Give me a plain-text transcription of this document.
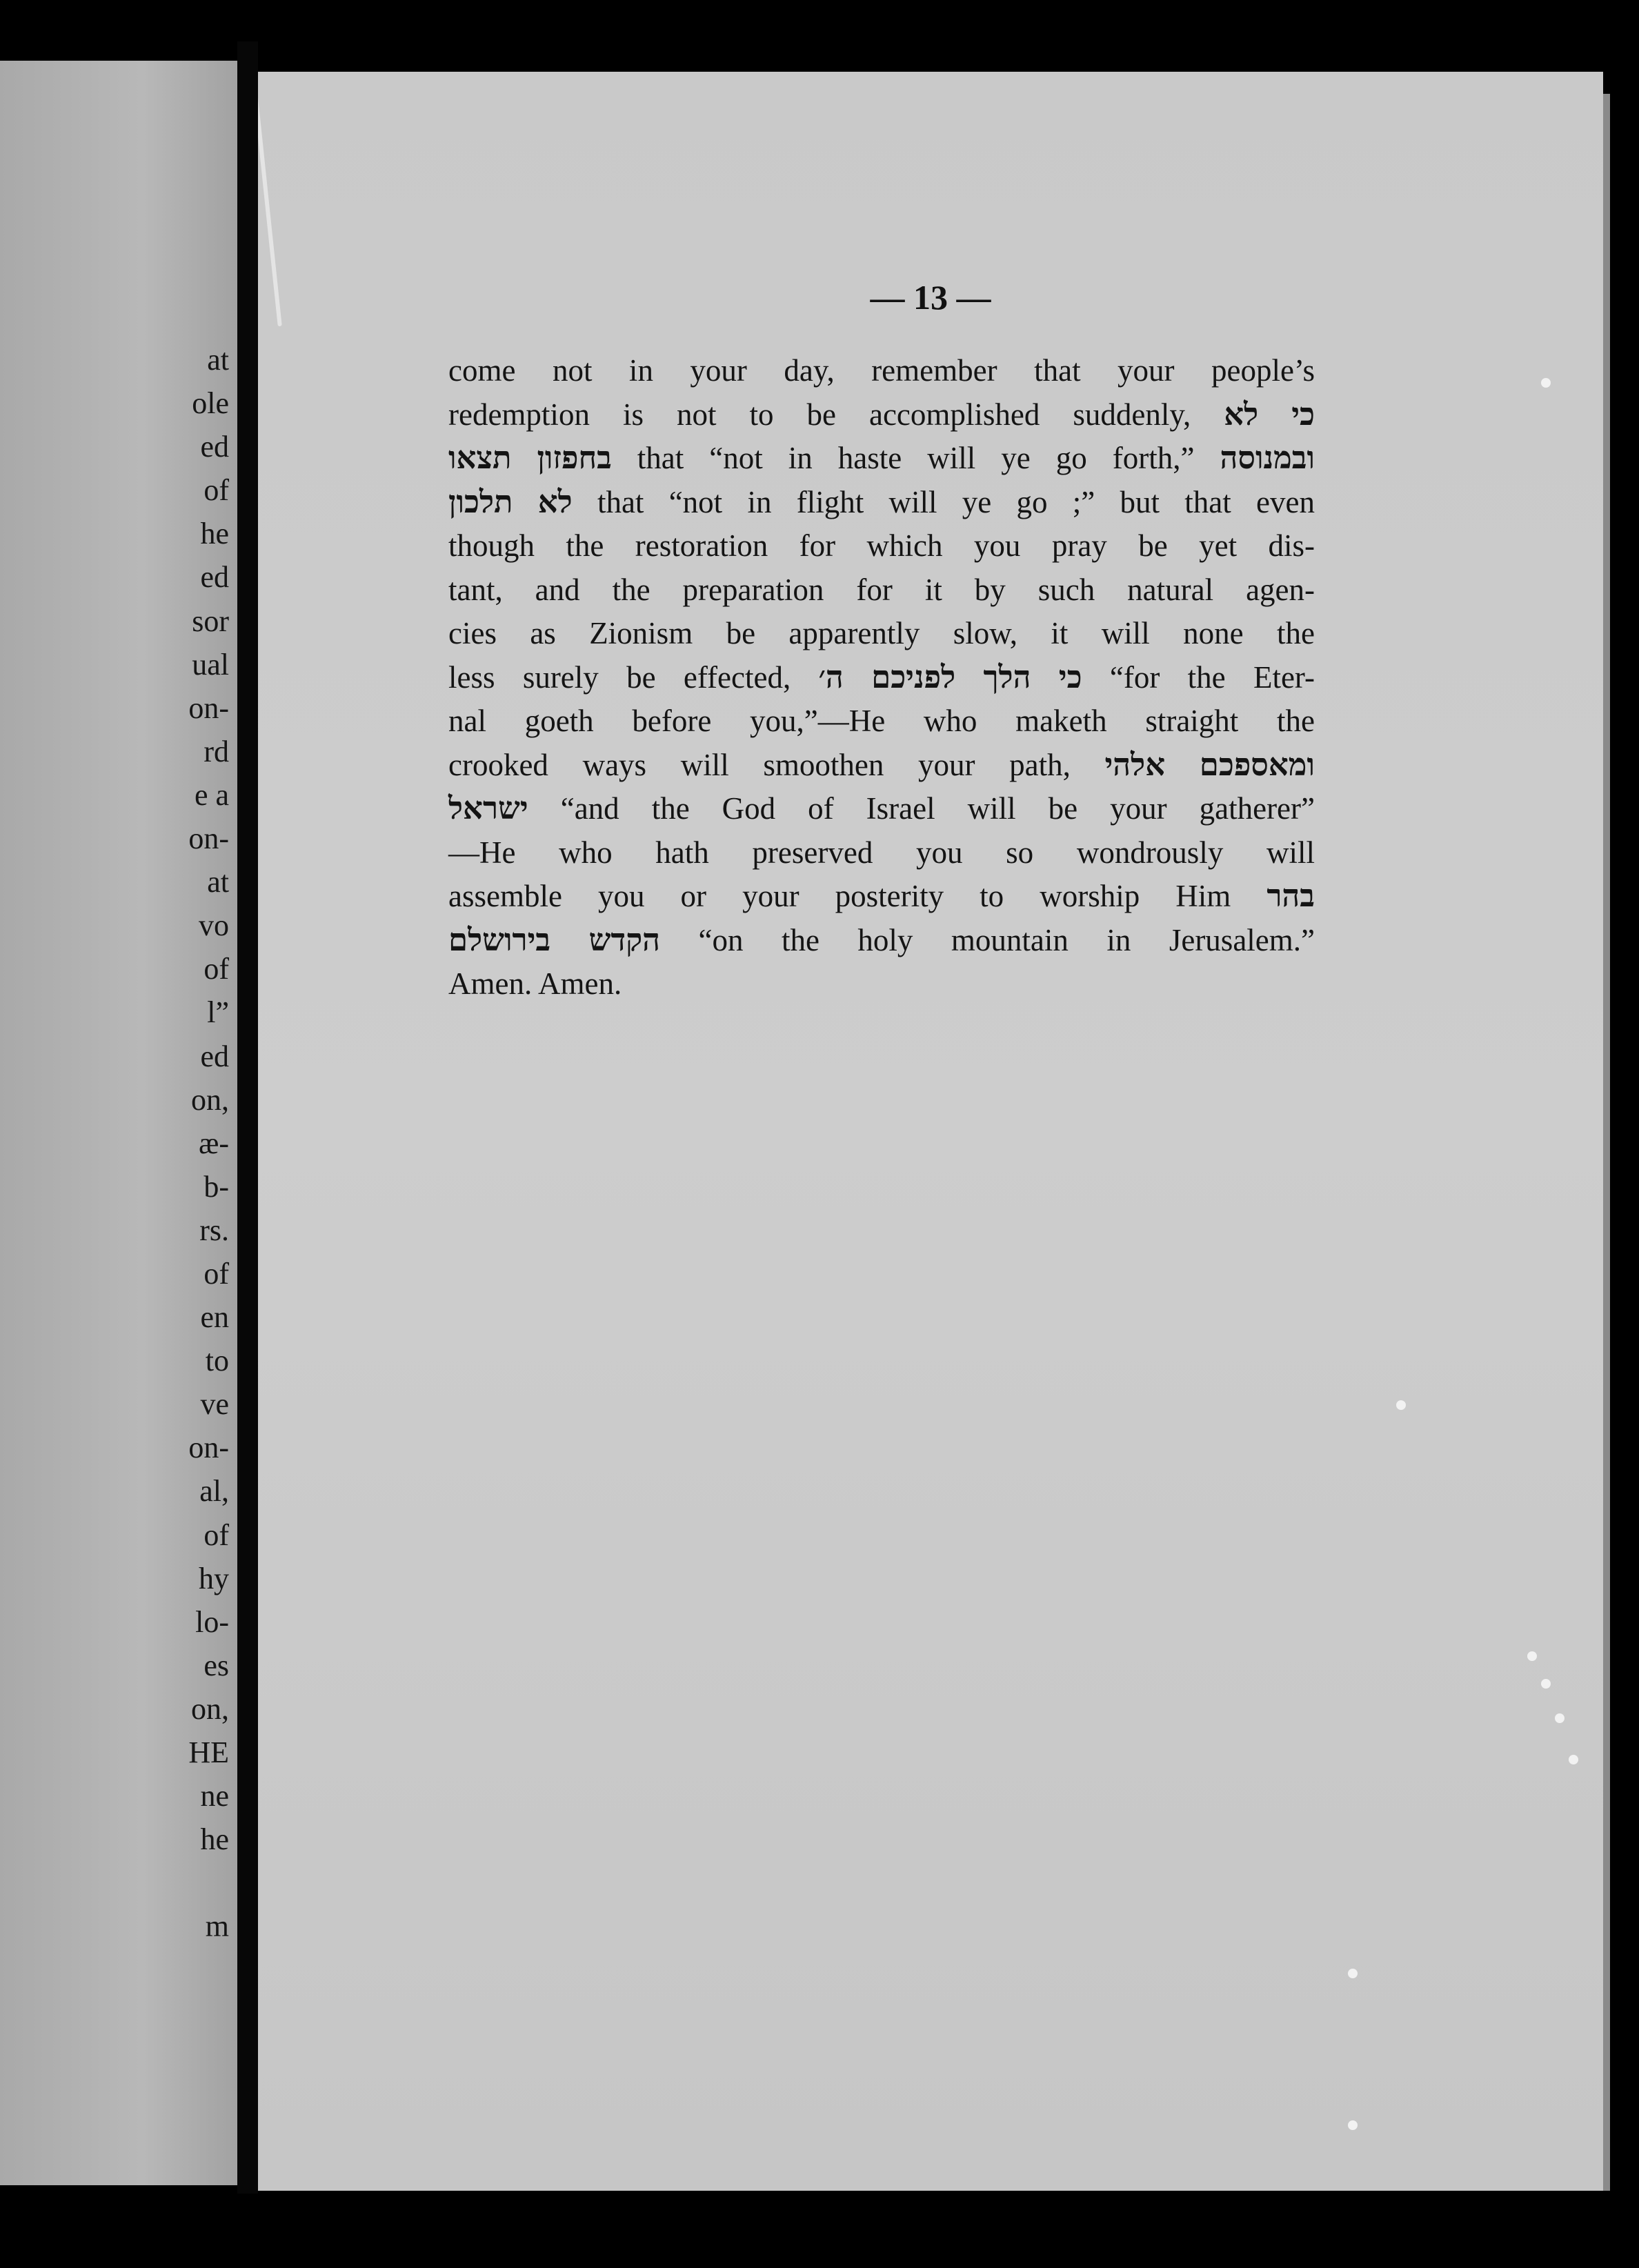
at
ole
ed
of
he
ed
sor
ual
on-
rd
e a
on-
at
vo
of
l”
ed
on,
æ-
b-
rs.
of
en
to
ve
on-
al,
of
hy
lo-
es
on,
HE
ne
he
m
— 13 —
come not in your day, remember that your people’s
redemption is not to be accomplished suddenly, כי לא
בחפזון תצאו that “not in haste will ye go forth,” ובמנוסה
לא תלכון that “not in flight will ye go ;” but that even
though the restoration for which you pray be yet dis-
tant, and the preparation for it by such natural agen-
cies as Zionism be apparently slow, it will none the
less surely be effected, כי הלך לפניכם ה׳ “for the Eter-
nal goeth before you,”—He who maketh straight the
crooked ways will smoothen your path, ומאספכם אלהי
ישראל “and the God of Israel will be your gatherer”
—He who hath preserved you so wondrously will
assemble you or your posterity to worship Him בהר
הקדש בירושלם “on the holy mountain in Jerusalem.”
Amen. Amen.
